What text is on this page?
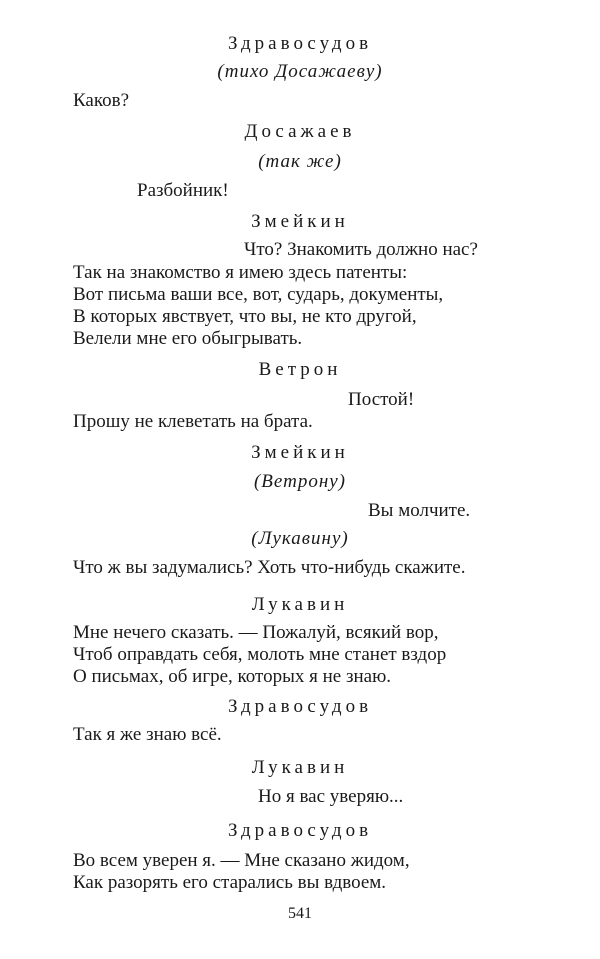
Здравосудов
(тихо Досажаеву)
Каков?
Досажаев
(так же)
Разбойник!
Змейкин
Что? Знакомить должно нас?
Так на знакомство я имею здесь патенты:
Вот письма ваши все, вот, сударь, документы,
В которых явствует, что вы, не кто другой,
Велели мне его обыгрывать.
Ветрон
Постой!
Прошу не клеветать на брата.
Змейкин
(Ветрону)
Вы молчите.
(Лукавину)
Что ж вы задумались? Хоть что-нибудь скажите.
Лукавин
Мне нечего сказать. — Пожалуй, всякий вор,
Чтоб оправдать себя, молоть мне станет вздор
О письмах, об игре, которых я не знаю.
Здравосудов
Так я же знаю всё.
Лукавин
Но я вас уверяю...
Здравосудов
Во всем уверен я. — Мне сказано жидом,
Как разорять его старались вы вдвоем.
541
